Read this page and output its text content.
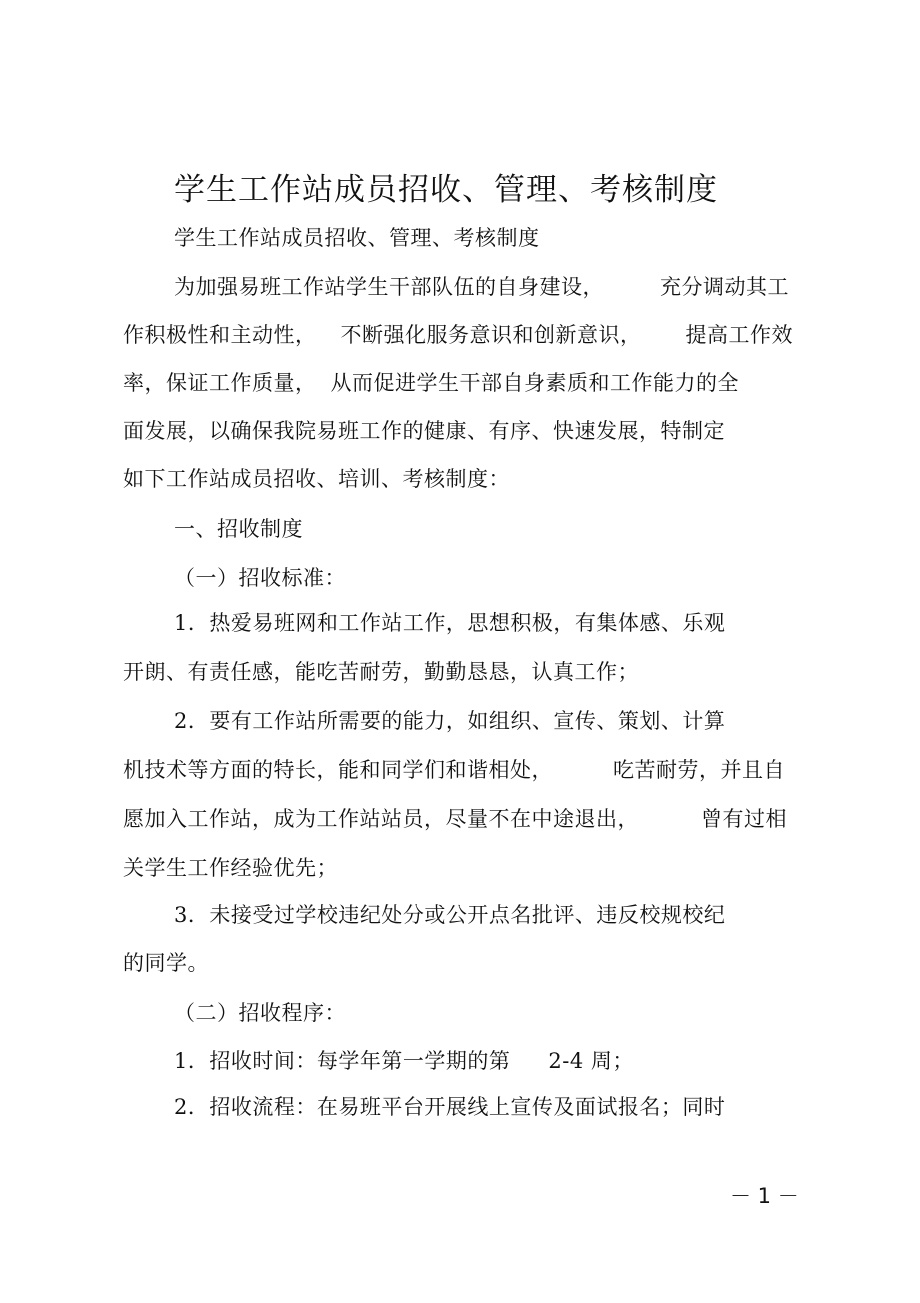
学生工作站成员招收、管理、考核制度
学生工作站成员招收、管理、考核制度
为加强易班工作站学生干部队伍的自身建设，	充分调动其工
作积极性和主动性， 不断强化服务意识和创新意识， 提高工作效
率，保证工作质量， 从而促进学生干部自身素质和工作能力的全
面发展，以确保我院易班工作的健康、有序、快速发展，特制定
如下工作站成员招收、培训、考核制度：
一、招收制度
（一）招收标准：
1．热爱易班网和工作站工作，思想积极，有集体感、乐观
开朗、有责任感，能吃苦耐劳，勤勤恳恳，认真工作；
2．要有工作站所需要的能力，如组织、宣传、策划、计算
机技术等方面的特长，能和同学们和谐相处，	吃苦耐劳，并且自
愿加入工作站，成为工作站站员，尽量不在中途退出，	曾有过相
关学生工作经验优先；
3．未接受过学校违纪处分或公开点名批评、违反校规校纪
的同学。
（二）招收程序：
1．招收时间：每学年第一学期的第 2-4 周；
2．招收流程：在易班平台开展线上宣传及面试报名；同时
－ 1 －
